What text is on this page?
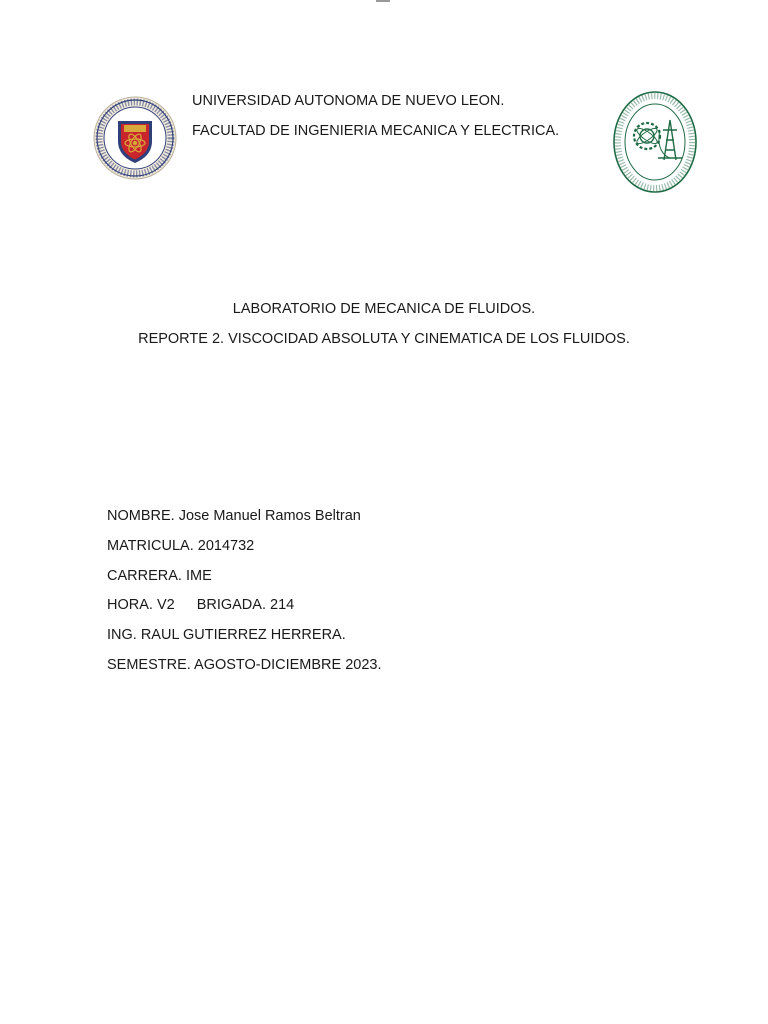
UNIVERSIDAD AUTONOMA DE NUEVO LEON.
FACULTAD DE INGENIERIA MECANICA Y ELECTRICA.
LABORATORIO DE MECANICA DE FLUIDOS.
REPORTE 2. VISCOCIDAD ABSOLUTA Y CINEMATICA DE LOS FLUIDOS.
NOMBRE. Jose Manuel Ramos Beltran
MATRICULA. 2014732
CARRERA. IME
HORA. V2 BRIGADA. 214
ING. RAUL GUTIERREZ HERRERA.
SEMESTRE. AGOSTO-DICIEMBRE 2023.
